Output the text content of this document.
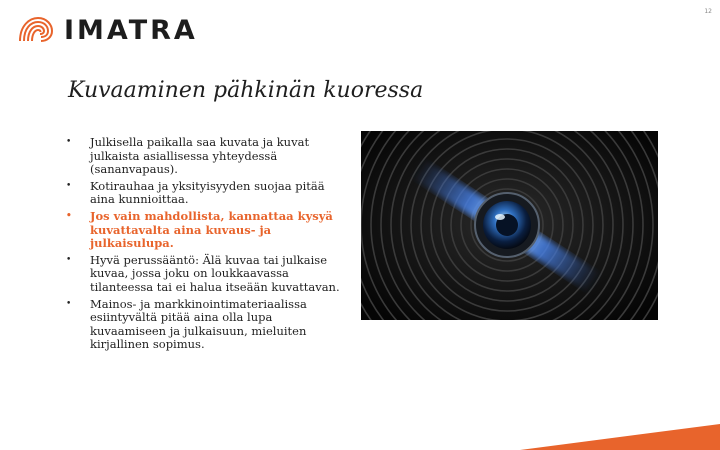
IMATRA
12
Kuvaaminen pähkinän kuoressa
•	Julkisella paikalla saa kuvata ja kuvat julkaista asiallisessa yhteydessä (sananvapaus).
•	Kotirauhaa ja yksityisyyden suojaa pitää aina kunnioittaa.
•	Jos vain mahdollista, kannattaa kysyä kuvattavalta aina kuvaus- ja julkaisulupa.
•	Hyvä perussääntö: Älä kuvaa tai julkaise kuvaa, jossa joku on loukkaavassa tilanteessa tai ei halua itseään kuvattavan.
•	Mainos- ja markkinointimateriaalissa esiintyvältä pitää aina olla lupa kuvaamiseen ja julkaisuun, mieluiten kirjallinen sopimus.
